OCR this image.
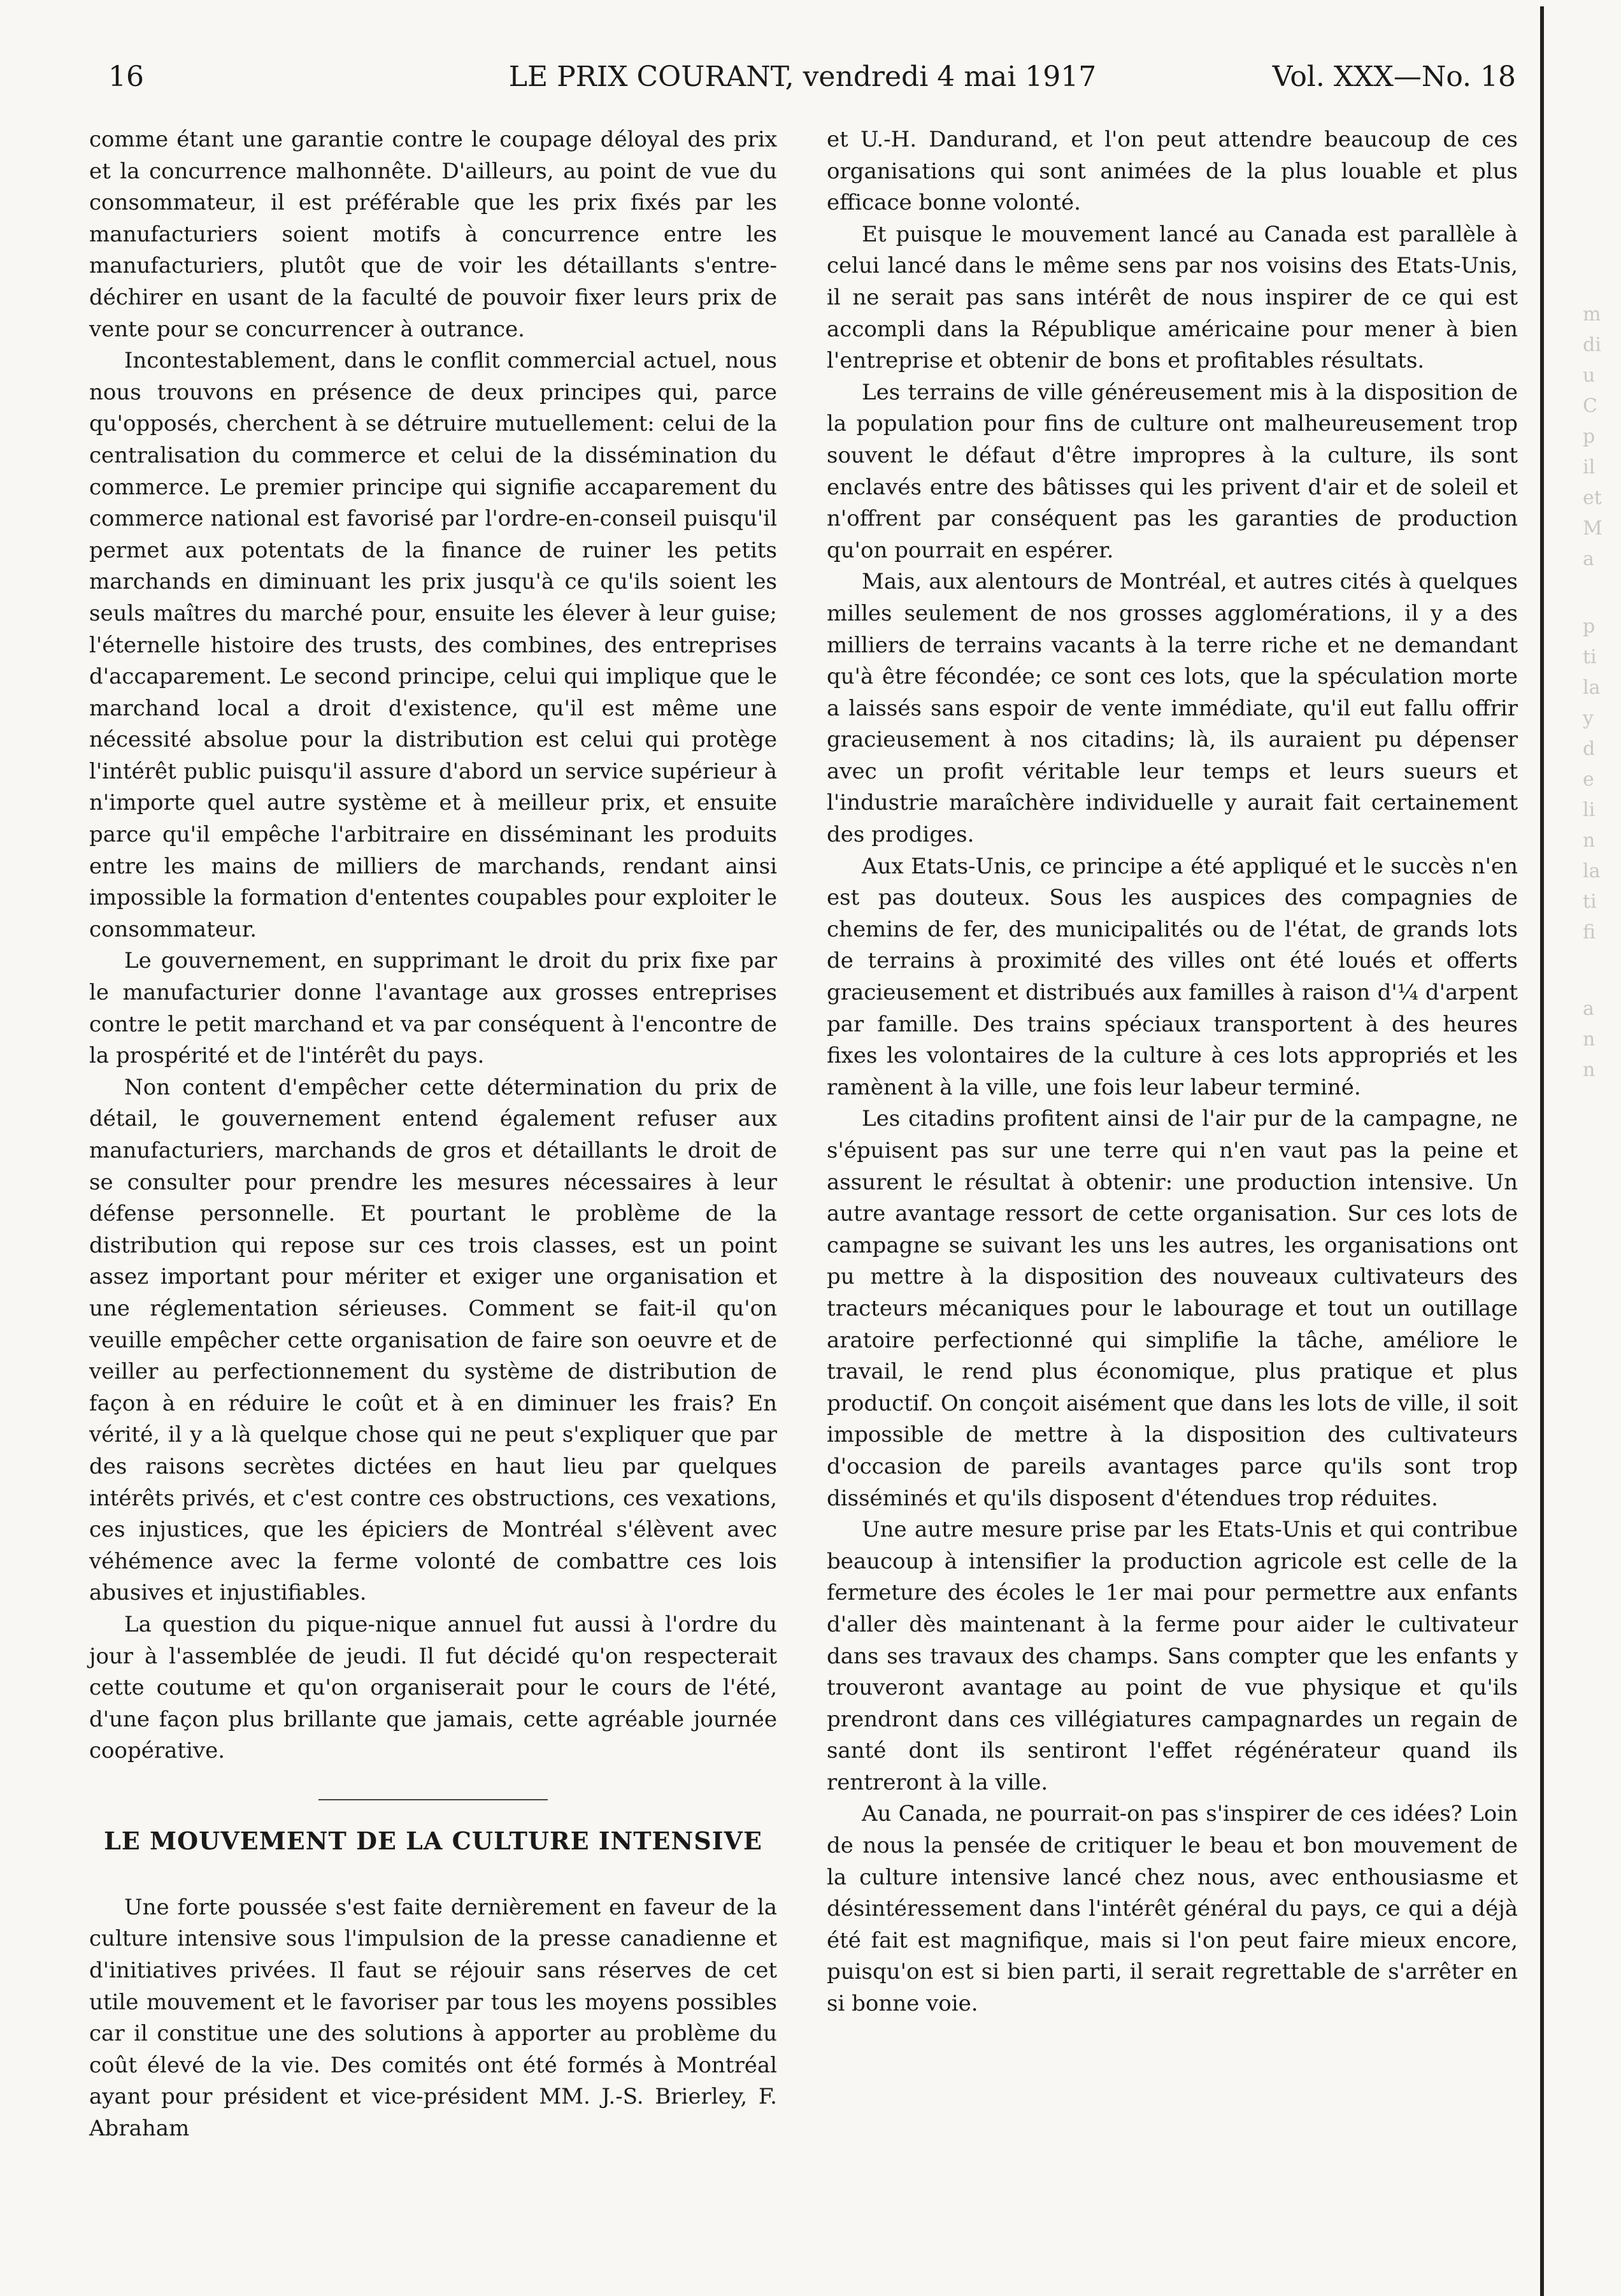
16	LE PRIX COURANT, vendredi 4 mai 1917	Vol. XXX—No. 18

comme étant une garantie contre le coupage déloyal des prix et la concurrence malhonnête. D'ailleurs, au point de vue du consommateur, il est préférable que les prix fixés par les manufacturiers soient motifs à concurrence entre les manufacturiers, plutôt que de voir les détaillants s'entre-déchirer en usant de la faculté de pouvoir fixer leurs prix de vente pour se concurrencer à outrance.

Incontestablement, dans le conflit commercial actuel, nous nous trouvons en présence de deux principes qui, parce qu'opposés, cherchent à se détruire mutuellement: celui de la centralisation du commerce et celui de la dissémination du commerce. Le premier principe qui signifie accaparement du commerce national est favorisé par l'ordre-en-conseil puisqu'il permet aux potentats de la finance de ruiner les petits marchands en diminuant les prix jusqu'à ce qu'ils soient les seuls maîtres du marché pour, ensuite les élever à leur guise; l'éternelle histoire des trusts, des combines, des entreprises d'accaparement. Le second principe, celui qui implique que le marchand local a droit d'existence, qu'il est même une nécessité absolue pour la distribution est celui qui protège l'intérêt public puisqu'il assure d'abord un service supérieur à n'importe quel autre système et à meilleur prix, et ensuite parce qu'il empêche l'arbitraire en disséminant les produits entre les mains de milliers de marchands, rendant ainsi impossible la formation d'ententes coupables pour exploiter le consommateur.

Le gouvernement, en supprimant le droit du prix fixe par le manufacturier donne l'avantage aux grosses entreprises contre le petit marchand et va par conséquent à l'encontre de la prospérité et de l'intérêt du pays.

Non content d'empêcher cette détermination du prix de détail, le gouvernement entend également refuser aux manufacturiers, marchands de gros et détaillants le droit de se consulter pour prendre les mesures nécessaires à leur défense personnelle. Et pourtant le problème de la distribution qui repose sur ces trois classes, est un point assez important pour mériter et exiger une organisation et une réglementation sérieuses. Comment se fait-il qu'on veuille empêcher cette organisation de faire son oeuvre et de veiller au perfectionnement du système de distribution de façon à en réduire le coût et à en diminuer les frais? En vérité, il y a là quelque chose qui ne peut s'expliquer que par des raisons secrètes dictées en haut lieu par quelques intérêts privés, et c'est contre ces obstructions, ces vexations, ces injustices, que les épiciers de Montréal s'élèvent avec véhémence avec la ferme volonté de combattre ces lois abusives et injustifiables.

La question du pique-nique annuel fut aussi à l'ordre du jour à l'assemblée de jeudi. Il fut décidé qu'on respecterait cette coutume et qu'on organiserait pour le cours de l'été, d'une façon plus brillante que jamais, cette agréable journée coopérative.

LE MOUVEMENT DE LA CULTURE INTENSIVE

Une forte poussée s'est faite dernièrement en faveur de la culture intensive sous l'impulsion de la presse canadienne et d'initiatives privées. Il faut se réjouir sans réserves de cet utile mouvement et le favoriser par tous les moyens possibles car il constitue une des solutions à apporter au problème du coût élevé de la vie. Des comités ont été formés à Montréal ayant pour président et vice-président MM. J.-S. Brierley, F. Abraham

et U.-H. Dandurand, et l'on peut attendre beaucoup de ces organisations qui sont animées de la plus louable et plus efficace bonne volonté.

Et puisque le mouvement lancé au Canada est parallèle à celui lancé dans le même sens par nos voisins des Etats-Unis, il ne serait pas sans intérêt de nous inspirer de ce qui est accompli dans la République américaine pour mener à bien l'entreprise et obtenir de bons et profitables résultats.

Les terrains de ville généreusement mis à la disposition de la population pour fins de culture ont malheureusement trop souvent le défaut d'être impropres à la culture, ils sont enclavés entre des bâtisses qui les privent d'air et de soleil et n'offrent par conséquent pas les garanties de production qu'on pourrait en espérer.

Mais, aux alentours de Montréal, et autres cités à quelques milles seulement de nos grosses agglomérations, il y a des milliers de terrains vacants à la terre riche et ne demandant qu'à être fécondée; ce sont ces lots, que la spéculation morte a laissés sans espoir de vente immédiate, qu'il eut fallu offrir gracieusement à nos citadins; là, ils auraient pu dépenser avec un profit véritable leur temps et leurs sueurs et l'industrie maraîchère individuelle y aurait fait certainement des prodiges.

Aux Etats-Unis, ce principe a été appliqué et le succès n'en est pas douteux. Sous les auspices des compagnies de chemins de fer, des municipalités ou de l'état, de grands lots de terrains à proximité des villes ont été loués et offerts gracieusement et distribués aux familles à raison d'¼ d'arpent par famille. Des trains spéciaux transportent à des heures fixes les volontaires de la culture à ces lots appropriés et les ramènent à la ville, une fois leur labeur terminé.

Les citadins profitent ainsi de l'air pur de la campagne, ne s'épuisent pas sur une terre qui n'en vaut pas la peine et assurent le résultat à obtenir: une production intensive. Un autre avantage ressort de cette organisation. Sur ces lots de campagne se suivant les uns les autres, les organisations ont pu mettre à la disposition des nouveaux cultivateurs des tracteurs mécaniques pour le labourage et tout un outillage aratoire perfectionné qui simplifie la tâche, améliore le travail, le rend plus économique, plus pratique et plus productif. On conçoit aisément que dans les lots de ville, il soit impossible de mettre à la disposition des cultivateurs d'occasion de pareils avantages parce qu'ils sont trop disséminés et qu'ils disposent d'étendues trop réduites.

Une autre mesure prise par les Etats-Unis et qui contribue beaucoup à intensifier la production agricole est celle de la fermeture des écoles le 1er mai pour permettre aux enfants d'aller dès maintenant à la ferme pour aider le cultivateur dans ses travaux des champs. Sans compter que les enfants y trouveront avantage au point de vue physique et qu'ils prendront dans ces villégiatures campagnardes un regain de santé dont ils sentiront l'effet régénérateur quand ils rentreront à la ville.

Au Canada, ne pourrait-on pas s'inspirer de ces idées? Loin de nous la pensée de critiquer le beau et bon mouvement de la culture intensive lancé chez nous, avec enthousiasme et désintéressement dans l'intérêt général du pays, ce qui a déjà été fait est magnifique, mais si l'on peut faire mieux encore, puisqu'on est si bien parti, il serait regrettable de s'arrêter en si bonne voie.

m
di
u
C
p
il
et
M
a
p
ti
la
y
d
e
li
n
la
ti
fi
a
n
n
